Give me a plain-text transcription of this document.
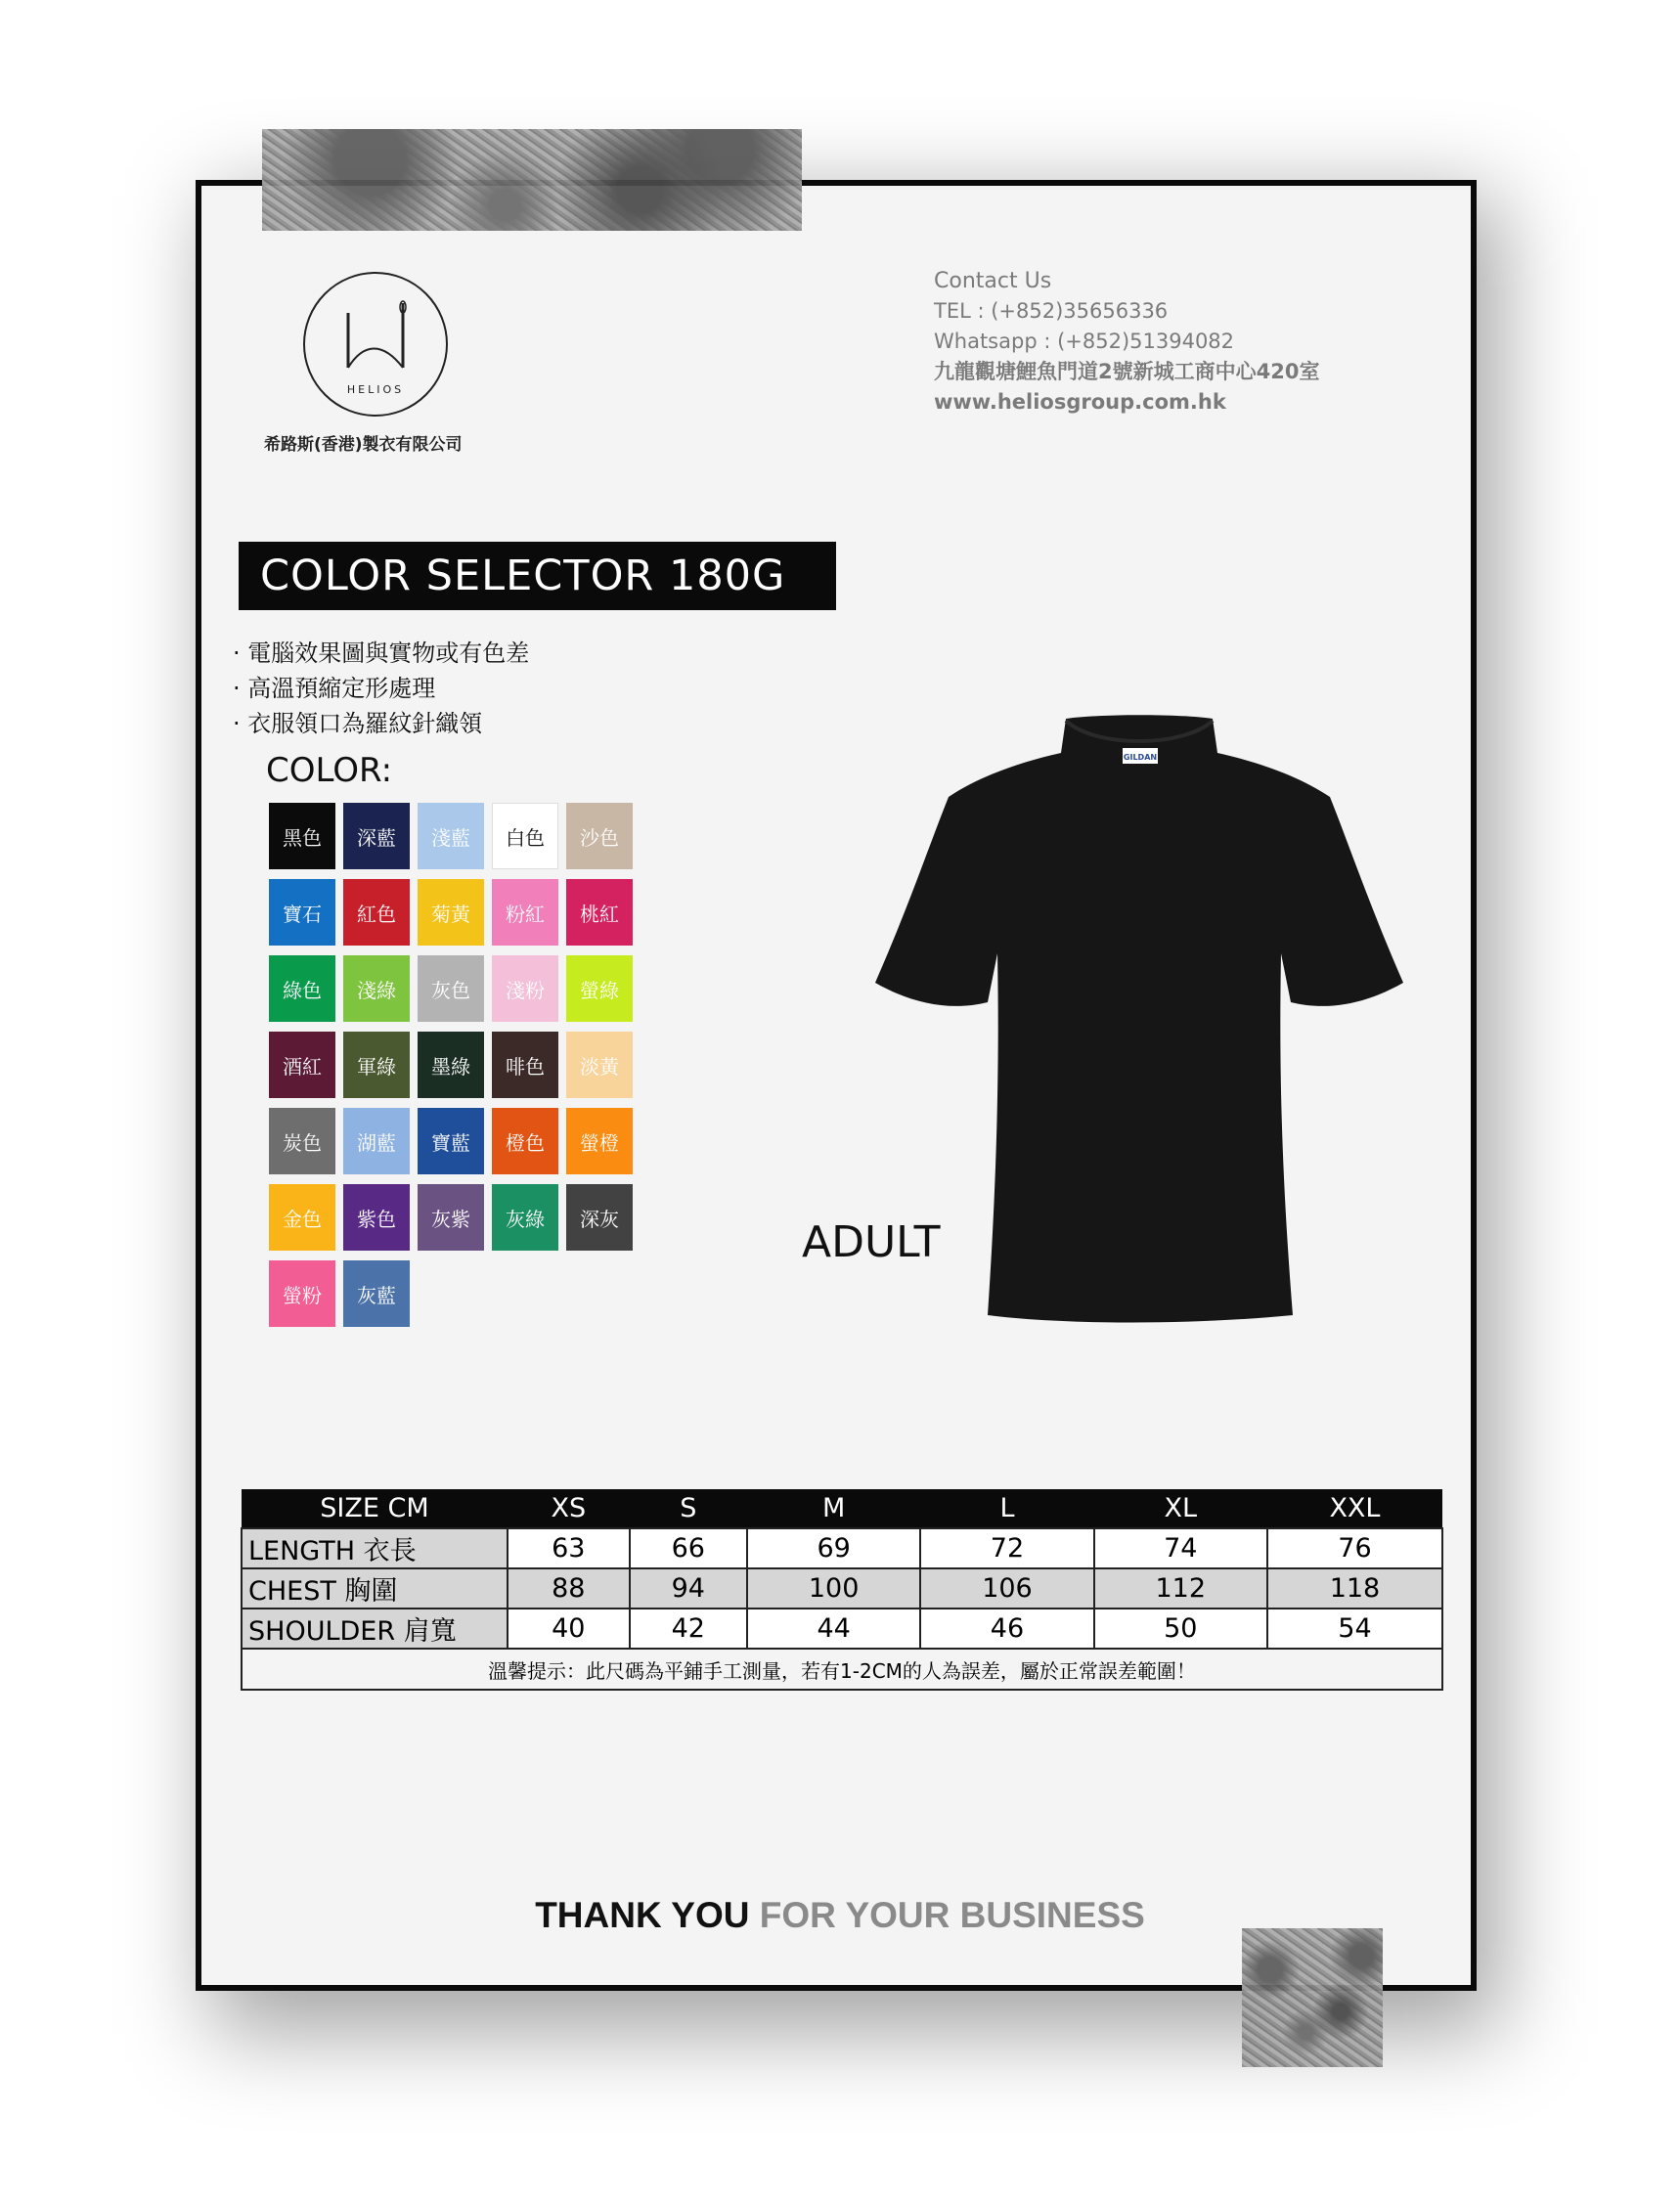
HELIOS
希路斯(香港)製衣有限公司
Contact Us
TEL : (+852)35656336
Whatsapp : (+852)51394082
九龍觀塘鯉魚門道2號新城工商中心420室
www.heliosgroup.com.hk
COLOR SELECTOR 180G
· 電腦效果圖與實物或有色差
· 高溫預縮定形處理
· 衣服領口為羅紋針織領
COLOR:
黑色	深藍	淺藍	白色	沙色
寶石	紅色	菊黃	粉紅	桃紅
綠色	淺綠	灰色	淺粉	螢綠
酒紅	軍綠	墨綠	啡色	淡黃
炭色	湖藍	寶藍	橙色	螢橙
金色	紫色	灰紫	灰綠	深灰
螢粉	灰藍
GILDAN
ADULT
SIZE CM	XS	S	M	L	XL	XXL
LENGTH 衣長	63	66	69	72	74	76
CHEST 胸圍	88	94	100	106	112	118
SHOULDER 肩寬	40	42	44	46	50	54
溫馨提示：此尺碼為平鋪手工測量，若有1-2CM的人為誤差，屬於正常誤差範圍！						
THANK YOU FOR YOUR BUSINESS
